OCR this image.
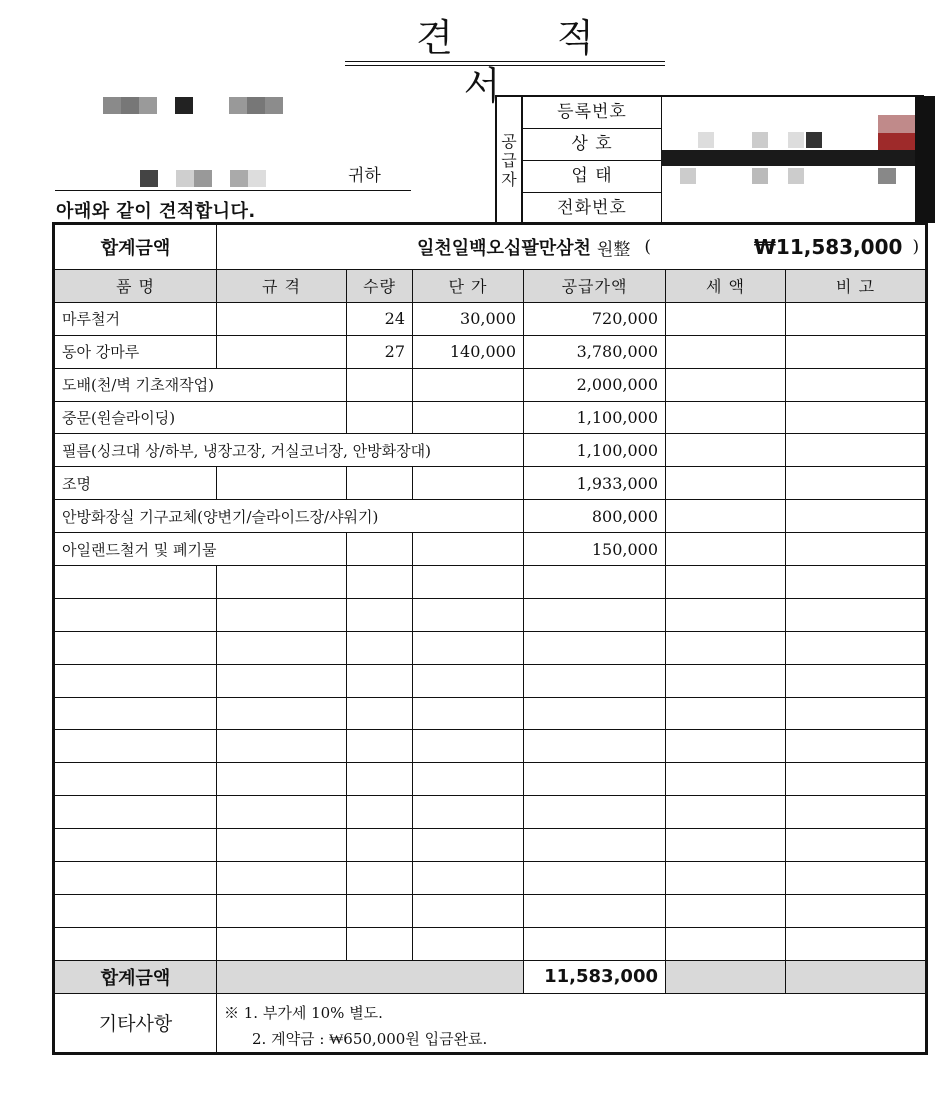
견 적 서
귀하
아래와 같이 견적합니다.
공
급
자
등록번호
상 호
업 태
전화번호
합계금액	일천일백오십팔만삼천 원整 ( ₩11,583,000 )					

품 명	규 격	수량	단 가	공급가액	세 액	비 고
마루철거		24	30,000	720,000		
동아 강마루		27	140,000	3,780,000		
도배(천/벽 기초재작업)				2,000,000		
중문(원슬라이딩)				1,100,000		
필름(싱크대 상/하부, 냉장고장, 거실코너장, 안방화장대)				1,100,000		
조명				1,933,000		
안방화장실 기구교체(양변기/슬라이드장/샤워기)				800,000		
아일랜드철거 및 폐기물				150,000		

합계금액				11,583,000		
기타사항	※ 1. 부가세 10% 별도.
2. 계약금 : ₩650,000원 입금완료.					
